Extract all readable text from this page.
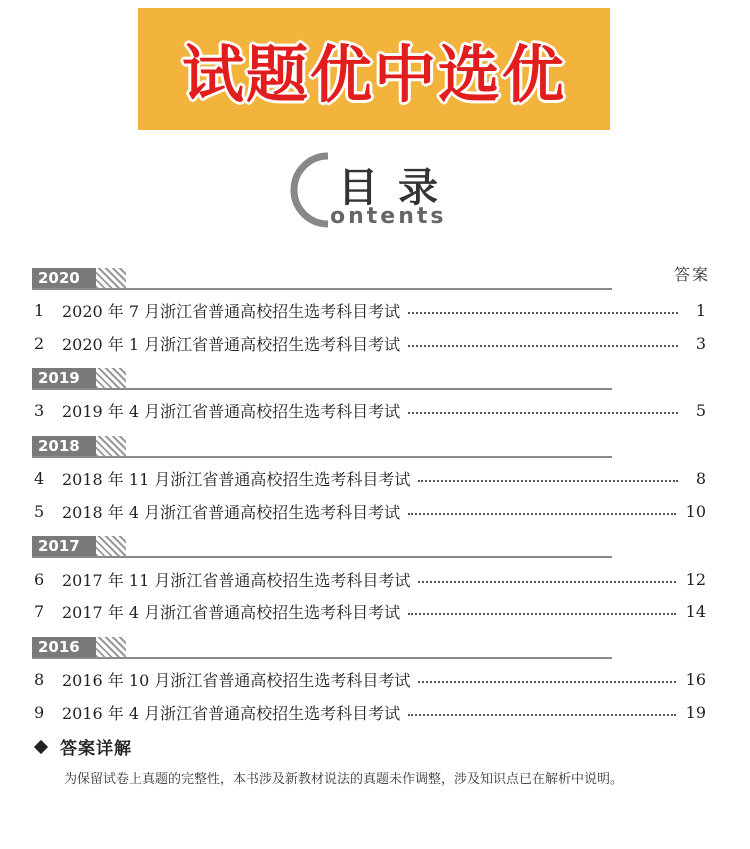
试题优中选优
目录
ontents
答案
2020
1	2020 年 7 月浙江省普通高校招生选考科目考试	1
2	2020 年 1 月浙江省普通高校招生选考科目考试	3
2019
3	2019 年 4 月浙江省普通高校招生选考科目考试	5
2018
4	2018 年 11 月浙江省普通高校招生选考科目考试	8
5	2018 年 4 月浙江省普通高校招生选考科目考试	10
2017
6	2017 年 11 月浙江省普通高校招生选考科目考试	12
7	2017 年 4 月浙江省普通高校招生选考科目考试	14
2016
8	2016 年 10 月浙江省普通高校招生选考科目考试	16
9	2016 年 4 月浙江省普通高校招生选考科目考试	19
答案详解
为保留试卷上真题的完整性，本书涉及新教材说法的真题未作调整，涉及知识点已在解析中说明。
